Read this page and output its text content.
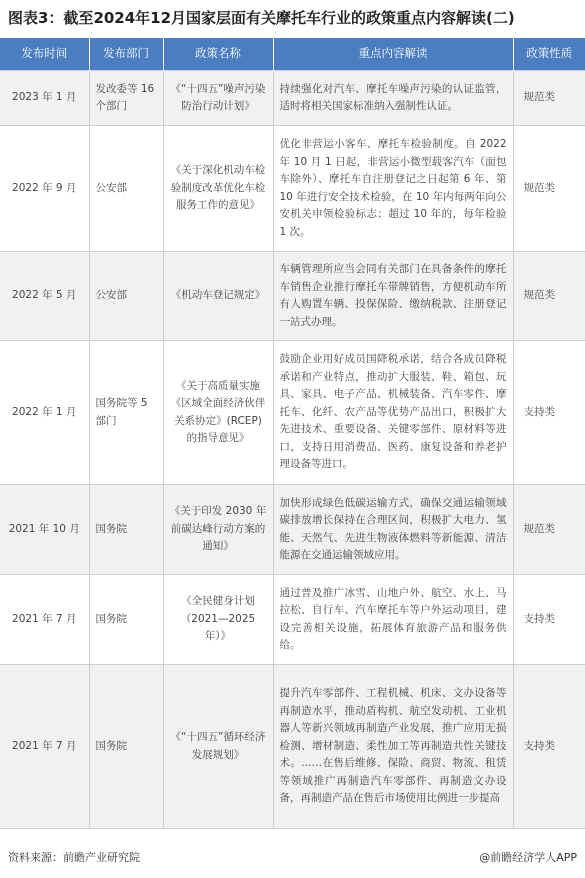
图表3：截至2024年12月国家层面有关摩托车行业的政策重点内容解读(二)
发布时间	发布部门	政策名称	重点内容解读	政策性质
2023 年 1 月	发改委等 16 个部门	《“十四五”噪声污染防治行动计划》	持续强化对汽车、摩托车噪声污染的认证监管，适时将相关国家标准纳入强制性认证。	规范类
2022 年 9 月	公安部	《关于深化机动车检验制度改革优化车检服务工作的意见》	优化非营运小客车、摩托车检验制度。自 2022 年 10 月 1 日起，非营运小微型载客汽车（面包车除外）、摩托车自注册登记之日起第 6 年、第 10 年进行安全技术检验，在 10 年内每两年向公安机关申领检验标志；超过 10 年的，每年检验 1 次。	规范类
2022 年 5 月	公安部	《机动车登记规定》	车辆管理所应当会同有关部门在具备条件的摩托车销售企业推行摩托车带牌销售，方便机动车所有人购置车辆、投保保险、缴纳税款、注册登记一站式办理。	规范类
2022 年 1 月	国务院等 5 部门	《关于高质量实施《区域全面经济伙伴关系协定》(RCEP) 的指导意见》	鼓励企业用好成员国降税承诺，结合各成员降税承诺和产业特点，推动扩大服装、鞋、箱包、玩具、家具、电子产品、机械装备、汽车零件、摩托车、化纤、农产品等优势产品出口，积极扩大先进技术、重要设备、关键零部件、原材料等进口，支持日用消费品、医药、康复设备和养老护理设备等进口。	支持类
2021 年 10 月	国务院	《关于印发 2030 年前碳达峰行动方案的通知》	加快形成绿色低碳运输方式，确保交通运输领域碳排放增长保持在合理区间，积极扩大电力、氢能、天然气、先进生物液体燃料等新能源、清洁能源在交通运输领域应用。	规范类
2021 年 7 月	国务院	《全民健身计划（2021—2025 年）》	通过普及推广冰雪、山地户外、航空、水上、马拉松、自行车、汽车摩托车等户外运动项目，建设完善相关设施，拓展体育旅游产品和服务供给。	支持类
2021 年 7 月	国务院	《“十四五”循环经济发展规划》	提升汽车零部件、工程机械、机床、文办设备等再制造水平，推动盾构机、航空发动机、工业机器人等新兴领域再制造产业发展，推广应用无损检测、增材制造、柔性加工等再制造共性关键技术。……在售后维修、保险、商贸、物流、租赁等领域推广再制造汽车零部件、再制造文办设备，再制造产品在售后市场使用比例进一步提高	支持类
资料来源：前瞻产业研究院	@前瞻经济学人APP
